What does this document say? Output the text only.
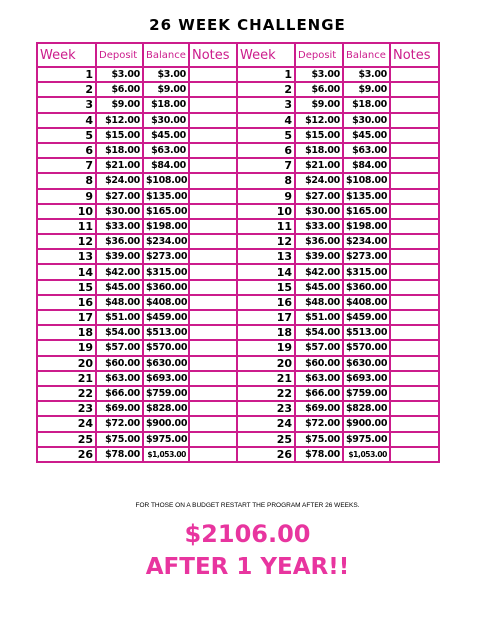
26 WEEK CHALLENGE
Week	Deposit	Balance	Notes	Week	Deposit	Balance	Notes
1	$3.00	$3.00		1	$3.00	$3.00	
2	$6.00	$9.00		2	$6.00	$9.00	
3	$9.00	$18.00		3	$9.00	$18.00	
4	$12.00	$30.00		4	$12.00	$30.00	
5	$15.00	$45.00		5	$15.00	$45.00	
6	$18.00	$63.00		6	$18.00	$63.00	
7	$21.00	$84.00		7	$21.00	$84.00	
8	$24.00	$108.00		8	$24.00	$108.00	
9	$27.00	$135.00		9	$27.00	$135.00	
10	$30.00	$165.00		10	$30.00	$165.00	
11	$33.00	$198.00		11	$33.00	$198.00	
12	$36.00	$234.00		12	$36.00	$234.00	
13	$39.00	$273.00		13	$39.00	$273.00	
14	$42.00	$315.00		14	$42.00	$315.00	
15	$45.00	$360.00		15	$45.00	$360.00	
16	$48.00	$408.00		16	$48.00	$408.00	
17	$51.00	$459.00		17	$51.00	$459.00	
18	$54.00	$513.00		18	$54.00	$513.00	
19	$57.00	$570.00		19	$57.00	$570.00	
20	$60.00	$630.00		20	$60.00	$630.00	
21	$63.00	$693.00		21	$63.00	$693.00	
22	$66.00	$759.00		22	$66.00	$759.00	
23	$69.00	$828.00		23	$69.00	$828.00	
24	$72.00	$900.00		24	$72.00	$900.00	
25	$75.00	$975.00		25	$75.00	$975.00	
26	$78.00	$1,053.00		26	$78.00	$1,053.00	
FOR THOSE ON A BUDGET RESTART THE PROGRAM AFTER 26 WEEKS.
$2106.00
AFTER 1 YEAR!!
